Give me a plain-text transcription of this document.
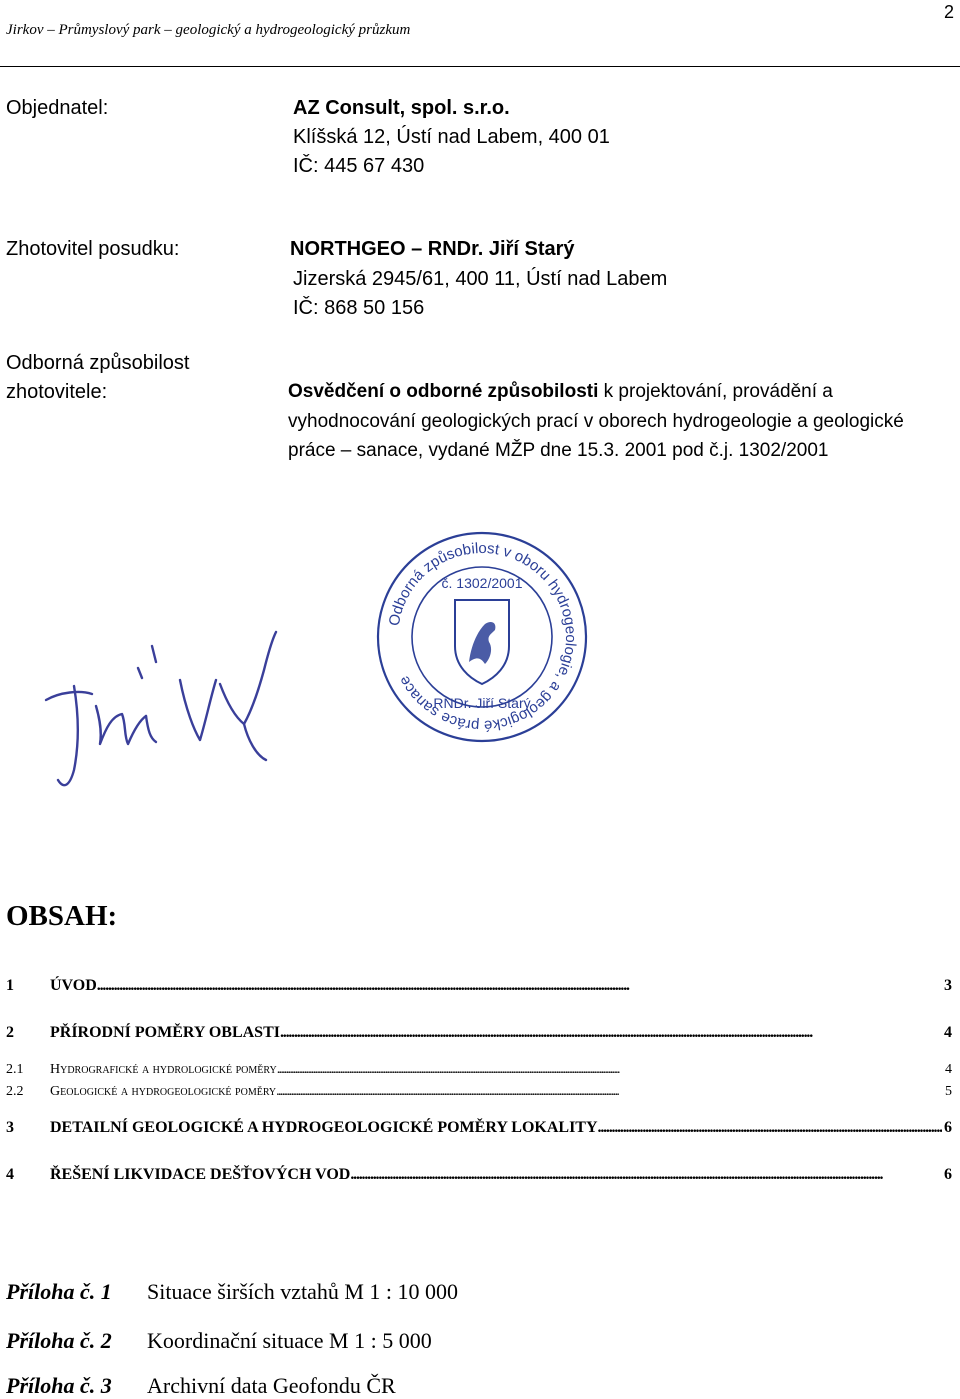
Jirkov – Průmyslový park – geologický a hydrogeologický průzkum
2
Objednatel:	AZ Consult, spol. s.r.o.
Klíšská 12, Ústí nad Labem, 400 01
IČ: 445 67 430
Zhotovitel posudku:	NORTHGEO – RNDr. Jiří Starý
Jizerská 2945/61, 400 11, Ústí nad Labem
IČ: 868 50 156
Odborná způsobilost
zhotovitele:	Osvědčení o odborné způsobilosti k projektování, provádění a vyhodnocování geologických prací v oborech hydrogeologie a geologické práce – sanace, vydané MŽP dne 15.3. 2001 pod č.j. 1302/2001
Odborná způsobilost v oboru hydrogeologie, a geologické práce sanace
č. 1302/2001
RNDr. Jiří Starý
OBSAH:
1	ÚVOD . . .	3
2	PŘÍRODNÍ POMĚRY OBLASTI . . .	4
2.1	Hydrografické a hydrologické poměry . . .	4
2.2	Geologické a hydrogeologické poměry . . .	5
3	DETAILNÍ GEOLOGICKÉ A HYDROGEOLOGICKÉ POMĚRY LOKALITY . . .	6
4	ŘEŠENÍ LIKVIDACE DEŠŤOVÝCH VOD . . .	6
Příloha č. 1 Situace širších vztahů M 1 : 10 000
Příloha č. 2 Koordinační situace M 1 : 5 000
Příloha č. 3 Archivní data Geofondu ČR
